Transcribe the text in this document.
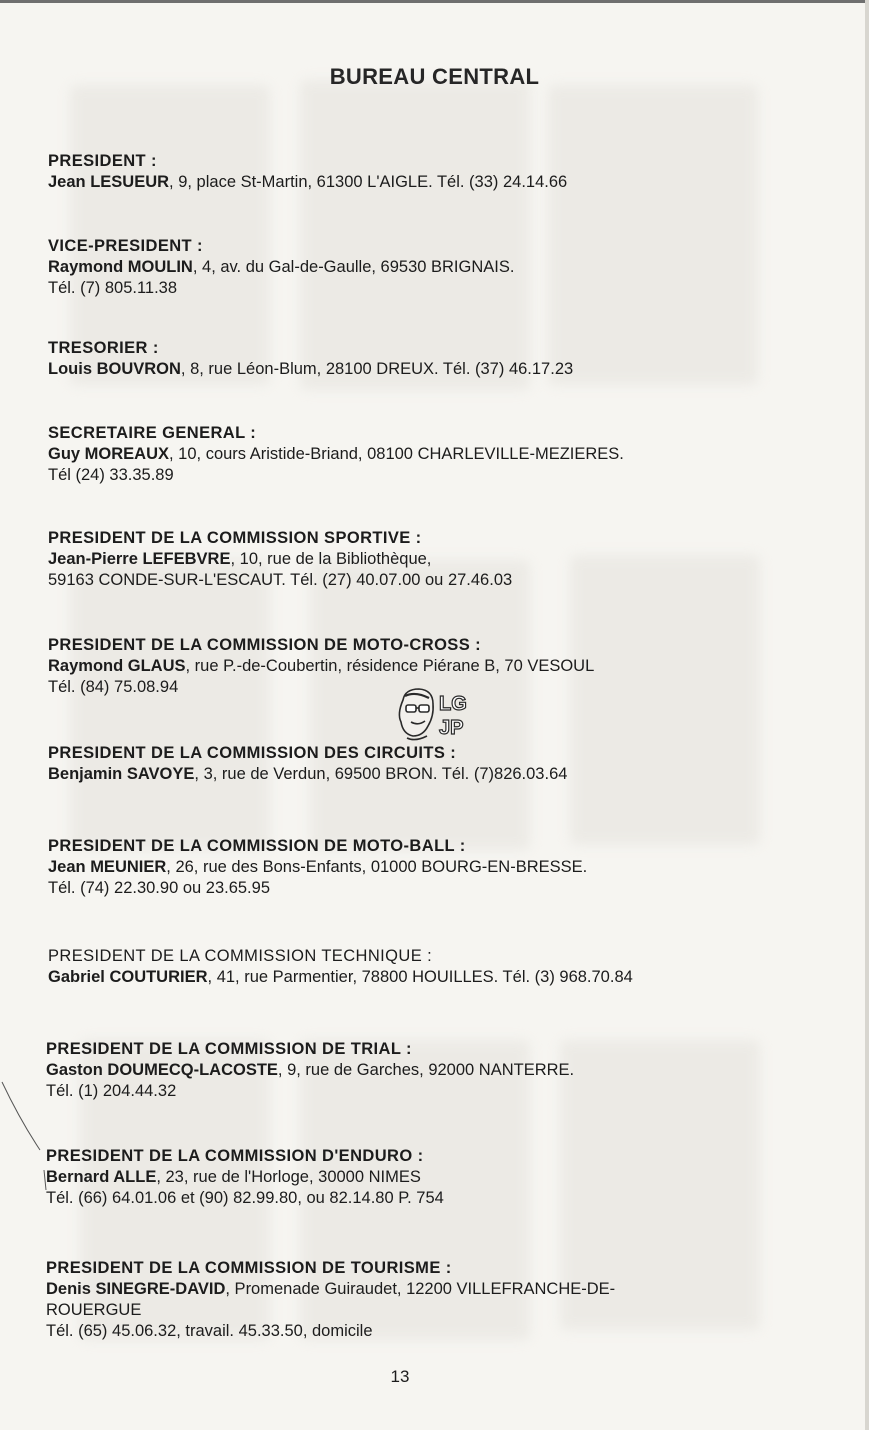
BUREAU CENTRAL
PRESIDENT :
Jean LESUEUR, 9, place St-Martin, 61300 L'AIGLE. Tél. (33) 24.14.66
VICE-PRESIDENT :
Raymond MOULIN, 4, av. du Gal-de-Gaulle, 69530 BRIGNAIS.
Tél. (7) 805.11.38
TRESORIER :
Louis BOUVRON, 8, rue Léon-Blum, 28100 DREUX. Tél. (37) 46.17.23
SECRETAIRE GENERAL :
Guy MOREAUX, 10, cours Aristide-Briand, 08100 CHARLEVILLE-MEZIERES.
Tél (24) 33.35.89
PRESIDENT DE LA COMMISSION SPORTIVE :
Jean-Pierre LEFEBVRE, 10, rue de la Bibliothèque,
59163 CONDE-SUR-L'ESCAUT. Tél. (27) 40.07.00 ou 27.46.03
PRESIDENT DE LA COMMISSION DE MOTO-CROSS :
Raymond GLAUS, rue P.-de-Coubertin, résidence Piérane B, 70 VESOUL
Tél. (84) 75.08.94
LG
JP
PRESIDENT DE LA COMMISSION DES CIRCUITS :
Benjamin SAVOYE, 3, rue de Verdun, 69500 BRON. Tél. (7)826.03.64
PRESIDENT DE LA COMMISSION DE MOTO-BALL :
Jean MEUNIER, 26, rue des Bons-Enfants, 01000 BOURG-EN-BRESSE.
Tél. (74) 22.30.90 ou 23.65.95
PRESIDENT DE LA COMMISSION TECHNIQUE :
Gabriel COUTURIER, 41, rue Parmentier, 78800 HOUILLES. Tél. (3) 968.70.84
PRESIDENT DE LA COMMISSION DE TRIAL :
Gaston DOUMECQ-LACOSTE, 9, rue de Garches, 92000 NANTERRE.
Tél. (1) 204.44.32
PRESIDENT DE LA COMMISSION D'ENDURO :
Bernard ALLE, 23, rue de l'Horloge, 30000 NIMES
Tél. (66) 64.01.06 et (90) 82.99.80, ou 82.14.80 P. 754
PRESIDENT DE LA COMMISSION DE TOURISME :
Denis SINEGRE-DAVID, Promenade Guiraudet, 12200 VILLEFRANCHE-DE-
ROUERGUE
Tél. (65) 45.06.32, travail. 45.33.50, domicile
13
